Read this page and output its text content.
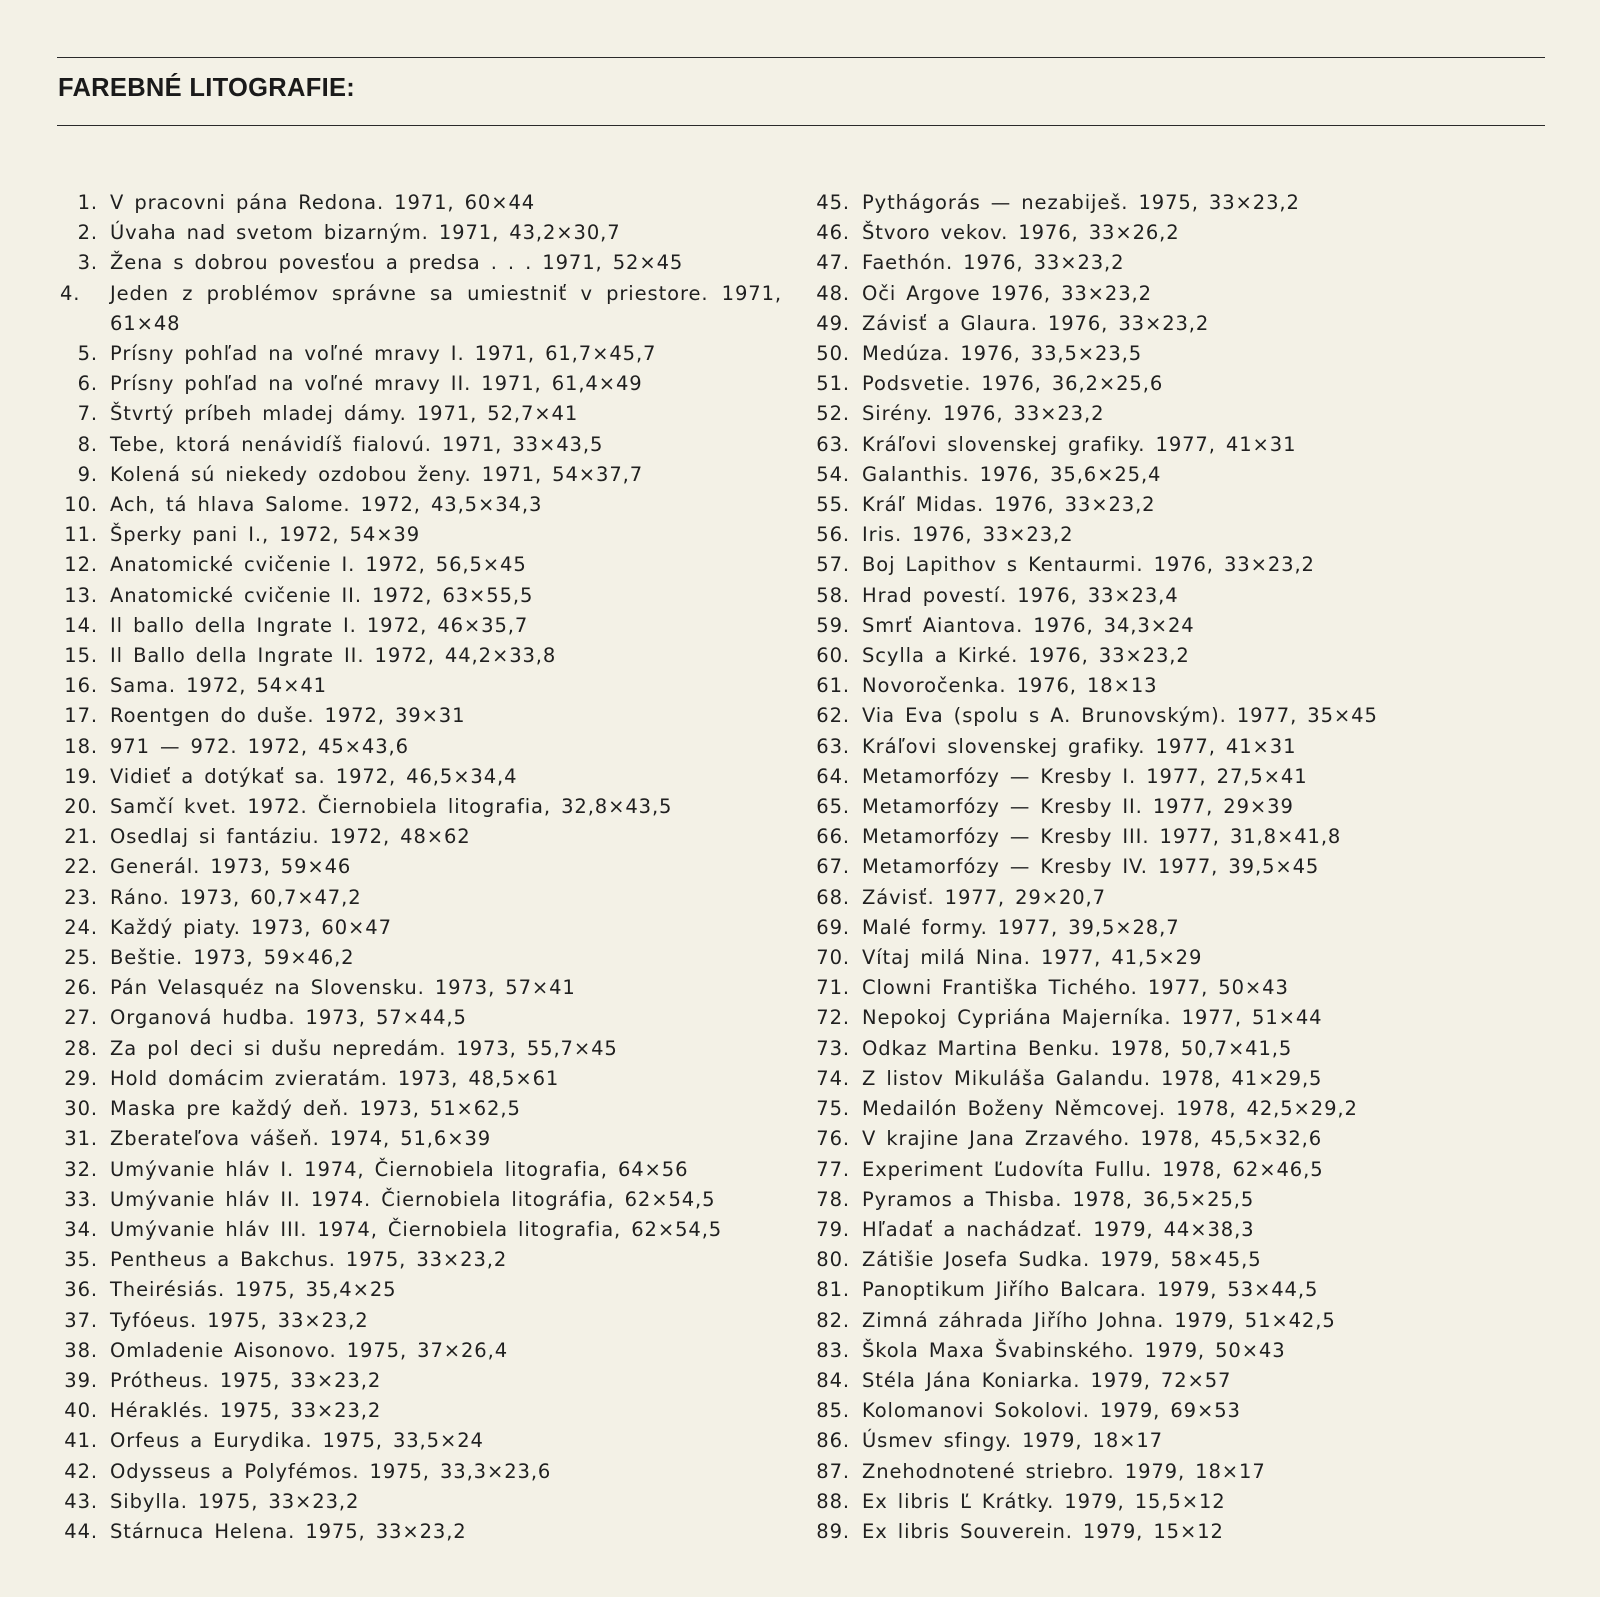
FAREBNÉ LITOGRAFIE:
1. V pracovni pána Redona. 1971, 60×44
2. Úvaha nad svetom bizarným. 1971, 43,2×30,7
3. Žena s dobrou povesťou a predsa . . . 1971, 52×45
4.	Jeden z problémov správne sa umiestniť v priestore. 1971, 61×48
5. Prísny pohľad na voľné mravy I. 1971, 61,7×45,7
6. Prísny pohľad na voľné mravy II. 1971, 61,4×49
7. Štvrtý príbeh mladej dámy. 1971, 52,7×41
8. Tebe, ktorá nenávidíš fialovú. 1971, 33×43,5
9. Kolená sú niekedy ozdobou ženy. 1971, 54×37,7
10. Ach, tá hlava Salome. 1972, 43,5×34,3
11. Šperky pani I., 1972, 54×39
12. Anatomické cvičenie I. 1972, 56,5×45
13. Anatomické cvičenie II. 1972, 63×55,5
14. Il ballo della Ingrate I. 1972, 46×35,7
15. Il Ballo della Ingrate II. 1972, 44,2×33,8
16. Sama. 1972, 54×41
17. Roentgen do duše. 1972, 39×31
18. 971 — 972. 1972, 45×43,6
19. Vidieť a dotýkať sa. 1972, 46,5×34,4
20. Samčí kvet. 1972. Čiernobiela litografia, 32,8×43,5
21. Osedlaj si fantáziu. 1972, 48×62
22. Generál. 1973, 59×46
23. Ráno. 1973, 60,7×47,2
24. Každý piaty. 1973, 60×47
25. Beštie. 1973, 59×46,2
26. Pán Velasquéz na Slovensku. 1973, 57×41
27. Organová hudba. 1973, 57×44,5
28. Za pol deci si dušu nepredám. 1973, 55,7×45
29. Hold domácim zvieratám. 1973, 48,5×61
30. Maska pre každý deň. 1973, 51×62,5
31. Zberateľova vášeň. 1974, 51,6×39
32. Umývanie hláv I. 1974, Čiernobiela litografia, 64×56
33. Umývanie hláv II. 1974. Čiernobiela litográfia, 62×54,5
34. Umývanie hláv III. 1974, Čiernobiela litografia, 62×54,5
35. Pentheus a Bakchus. 1975, 33×23,2
36. Theirésiás. 1975, 35,4×25
37. Tyfóeus. 1975, 33×23,2
38. Omladenie Aisonovo. 1975, 37×26,4
39. Prótheus. 1975, 33×23,2
40. Héraklés. 1975, 33×23,2
41. Orfeus a Eurydika. 1975, 33,5×24
42. Odysseus a Polyfémos. 1975, 33,3×23,6
43. Sibylla. 1975, 33×23,2
44. Stárnuca Helena. 1975, 33×23,2
45. Pythágorás — nezabiješ. 1975, 33×23,2
46. Štvoro vekov. 1976, 33×26,2
47. Faethón. 1976, 33×23,2
48. Oči Argove 1976, 33×23,2
49. Závisť a Glaura. 1976, 33×23,2
50. Medúza. 1976, 33,5×23,5
51. Podsvetie. 1976, 36,2×25,6
52. Sirény. 1976, 33×23,2
63. Kráľovi slovenskej grafiky. 1977, 41×31
54. Galanthis. 1976, 35,6×25,4
55. Kráľ Midas. 1976, 33×23,2
56. Iris. 1976, 33×23,2
57. Boj Lapithov s Kentaurmi. 1976, 33×23,2
58. Hrad povestí. 1976, 33×23,4
59. Smrť Aiantova. 1976, 34,3×24
60. Scylla a Kirké. 1976, 33×23,2
61. Novoročenka. 1976, 18×13
62. Via Eva (spolu s A. Brunovským). 1977, 35×45
63. Kráľovi slovenskej grafiky. 1977, 41×31
64. Metamorfózy — Kresby I. 1977, 27,5×41
65. Metamorfózy — Kresby II. 1977, 29×39
66. Metamorfózy — Kresby III. 1977, 31,8×41,8
67. Metamorfózy — Kresby IV. 1977, 39,5×45
68. Závisť. 1977, 29×20,7
69. Malé formy. 1977, 39,5×28,7
70. Vítaj milá Nina. 1977, 41,5×29
71. Clowni Františka Tichého. 1977, 50×43
72. Nepokoj Cypriána Majerníka. 1977, 51×44
73. Odkaz Martina Benku. 1978, 50,7×41,5
74. Z listov Mikuláša Galandu. 1978, 41×29,5
75. Medailón Boženy Němcovej. 1978, 42,5×29,2
76. V krajine Jana Zrzavého. 1978, 45,5×32,6
77. Experiment Ľudovíta Fullu. 1978, 62×46,5
78. Pyramos a Thisba. 1978, 36,5×25,5
79. Hľadať a nachádzať. 1979, 44×38,3
80. Zátišie Josefa Sudka. 1979, 58×45,5
81. Panoptikum Jiřího Balcara. 1979, 53×44,5
82. Zimná záhrada Jiřího Johna. 1979, 51×42,5
83. Škola Maxa Švabinského. 1979, 50×43
84. Stéla Jána Koniarka. 1979, 72×57
85. Kolomanovi Sokolovi. 1979, 69×53
86. Úsmev sfingy. 1979, 18×17
87. Znehodnotené striebro. 1979, 18×17
88. Ex libris Ľ Krátky. 1979, 15,5×12
89. Ex libris Souverein. 1979, 15×12
